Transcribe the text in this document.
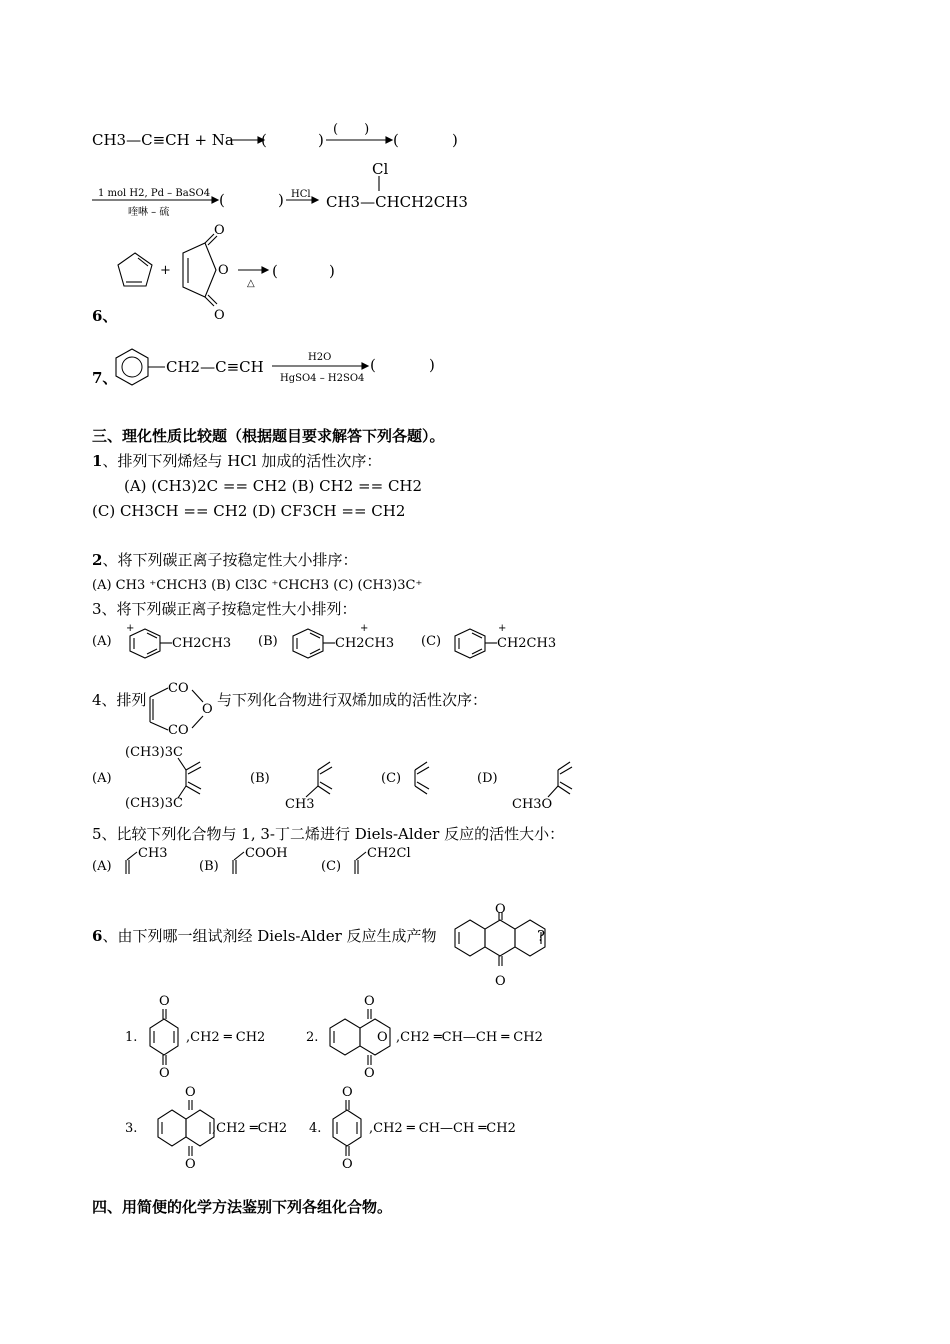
CH3—C≡CH + Na (	)
(　　)
(	)
1 mol H2, Pd – BaSO4
喹啉 – 硫
(	) HCl
Cl
CH3—CHCH2CH3
+
O
O
O
△
(	)
6、
7、
CH2—C≡CH
H2O
HgSO4 – H2SO4
(	)
三、理化性质比较题（根据题目要求解答下列各题）。
1、排列下列烯烃与 HCl 加成的活性次序：
(A) (CH3)2C == CH2 (B) CH2 == CH2
(C) CH3CH == CH2 (D) CF3CH == CH2
2、将下列碳正离子按稳定性大小排序：
(A) CH3 ⁺CHCH3 (B) Cl3C ⁺CHCH3 (C) (CH3)3C⁺
3、将下列碳正离子按稳定性大小排列：
(A)
+
CH2CH3 (B)
+
CH2CH3 (C)
+
CH2CH3
4、排列
CO
O
CO
与下列化合物进行双烯加成的活性次序：
(CH3)3C
(A)
(CH3)3C
(B)
CH3
(C)	(D)
CH3O
5、比较下列化合物与 1, 3-丁二烯进行 Diels-Alder 反应的活性大小：
(A)
CH3
(B)
COOH
(C)
CH2Cl
6、由下列哪一组试剂经 Diels-Alder 反应生成产物
O
O
?
1.
O
O
,CH2 ═ CH2	2.
O
O
O
,CH2 ═CH—CH ═ CH2
3.
O
O
,CH2 ═CH2 4.
O
O
,CH2 ═ CH—CH ═CH2
四、用简便的化学方法鉴别下列各组化合物。
